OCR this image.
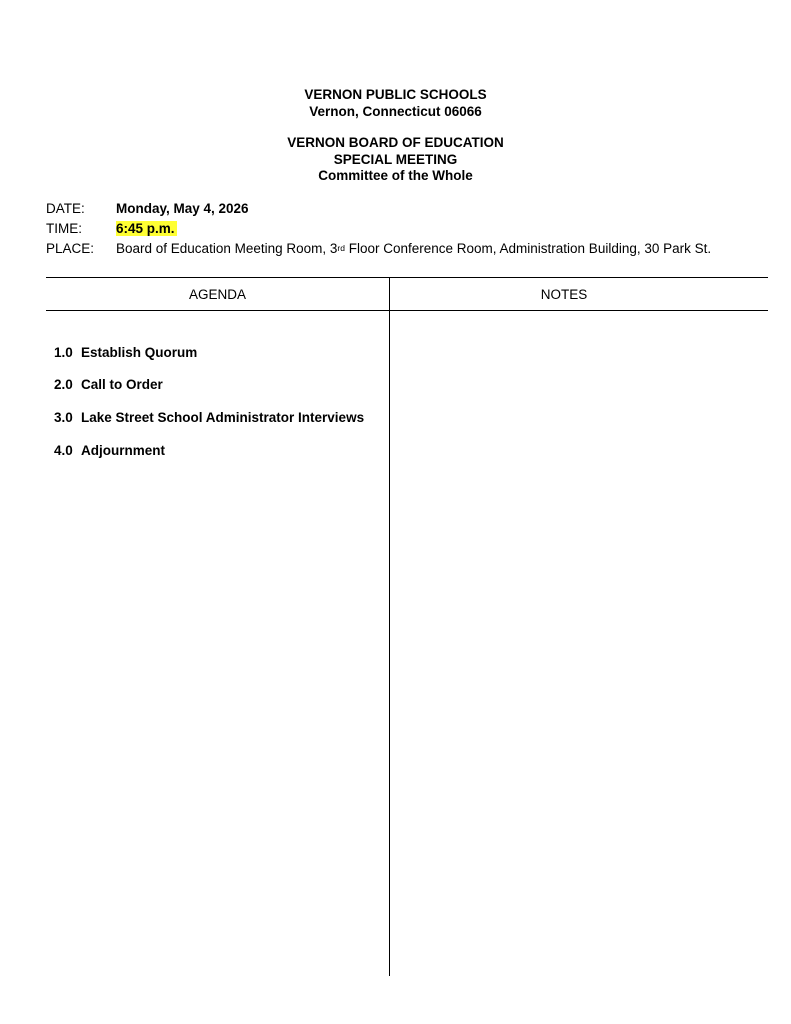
VERNON PUBLIC SCHOOLS
Vernon, Connecticut 06066
VERNON BOARD OF EDUCATION
SPECIAL MEETING
Committee of the Whole
DATE: Monday, May 4, 2026
TIME:	6:45 p.m.
PLACE: Board of Education Meeting Room, 3rd Floor Conference Room, Administration Building, 30 Park St.
AGENDA	NOTES
1.0 Establish Quorum
2.0 Call to Order
3.0 Lake Street School Administrator Interviews
4.0 Adjournment
